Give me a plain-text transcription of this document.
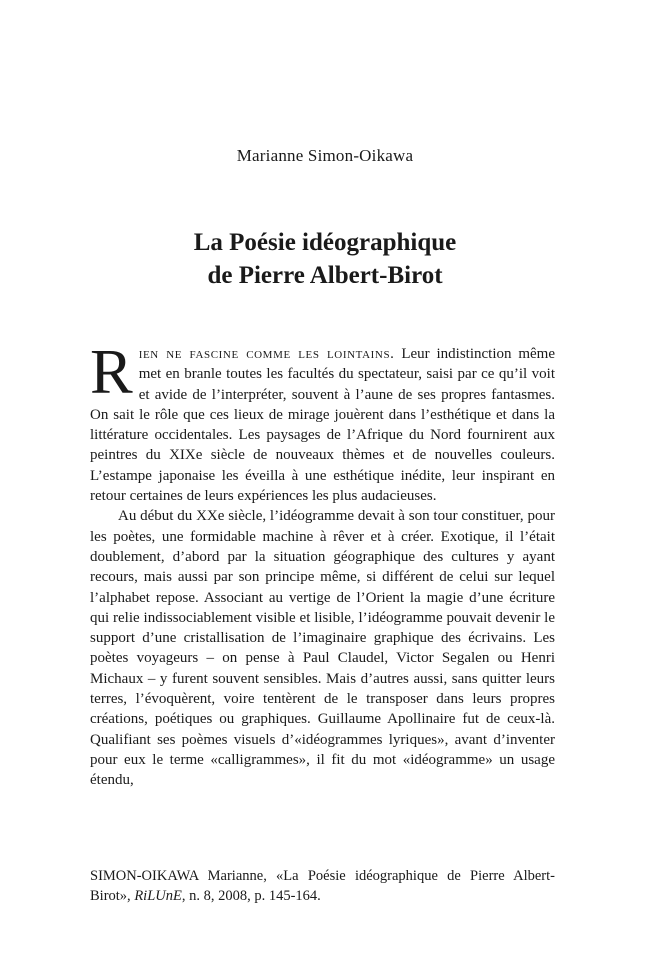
Marianne Simon-Oikawa
La Poésie idéographique
de Pierre Albert-Birot

Rien ne fascine comme les lointains. Leur indistinction même met en branle toutes les facultés du spectateur, saisi par ce qu’il voit et avide de l’interpréter, souvent à l’aune de ses propres fantasmes. On sait le rôle que ces lieux de mirage jouèrent dans l’esthétique et dans la littérature occidentales. Les paysages de l’Afrique du Nord fournirent aux peintres du XIXe siècle de nouveaux thèmes et de nouvelles couleurs. L’estampe japonaise les éveilla à une esthétique inédite, leur inspirant en retour certaines de leurs expériences les plus audacieuses.

Au début du XXe siècle, l’idéogramme devait à son tour constituer, pour les poètes, une formidable machine à rêver et à créer. Exotique, il l’était doublement, d’abord par la situation géographique des cultures y ayant recours, mais aussi par son principe même, si différent de celui sur lequel l’alphabet repose. Associant au vertige de l’Orient la magie d’une écriture qui relie indissociablement visible et lisible, l’idéogramme pouvait devenir le support d’une cristallisation de l’imaginaire graphique des écrivains. Les poètes voyageurs – on pense à Paul Claudel, Victor Segalen ou Henri Michaux – y furent souvent sensibles. Mais d’autres aussi, sans quitter leurs terres, l’évoquèrent, voire tentèrent de le transposer dans leurs propres créations, poétiques ou graphiques. Guillaume Apollinaire fut de ceux-là. Qualifiant ses poèmes visuels d’«idéogrammes lyriques», avant d’inventer pour eux le terme «calligrammes», il fit du mot «idéogramme» un usage étendu,

SIMON-OIKAWA Marianne, «La Poésie idéographique de Pierre Albert-Birot», RiLUnE, n. 8, 2008, p. 145-164.
